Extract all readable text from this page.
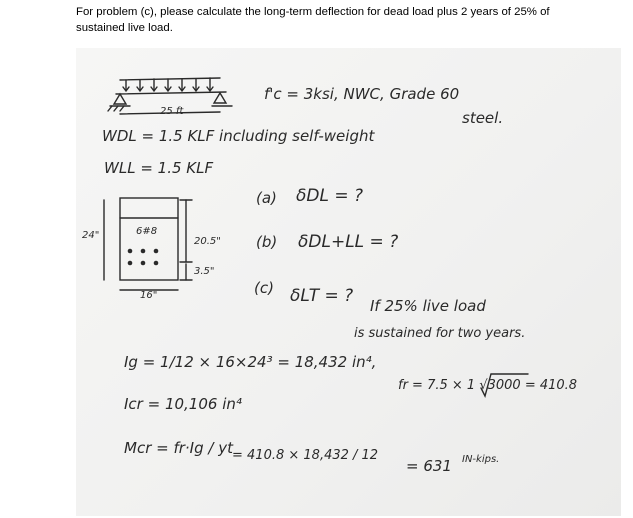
For problem (c), please calculate the long-term deflection for dead load plus 2 years of 25% of
sustained live load.
25 ft
f'c = 3ksi, NWC, Grade 60
steel.
WDL = 1.5 KLF including self-weight
WLL = 1.5 KLF
24"	6#8
20.5"
3.5"
16"
(a) δDL = ?
(b) δDL+LL = ?
(c) δLT = ? If 25% live load
is sustained for two years.
Ig = 1/12 × 16×24³ = 18,432 in⁴,
fr = 7.5 × 1 √3000 = 410.8
Icr = 10,106 in⁴
Mcr = fr·Ig / yt = 410.8 × 18,432 / 12
= 631 IN-kips.
